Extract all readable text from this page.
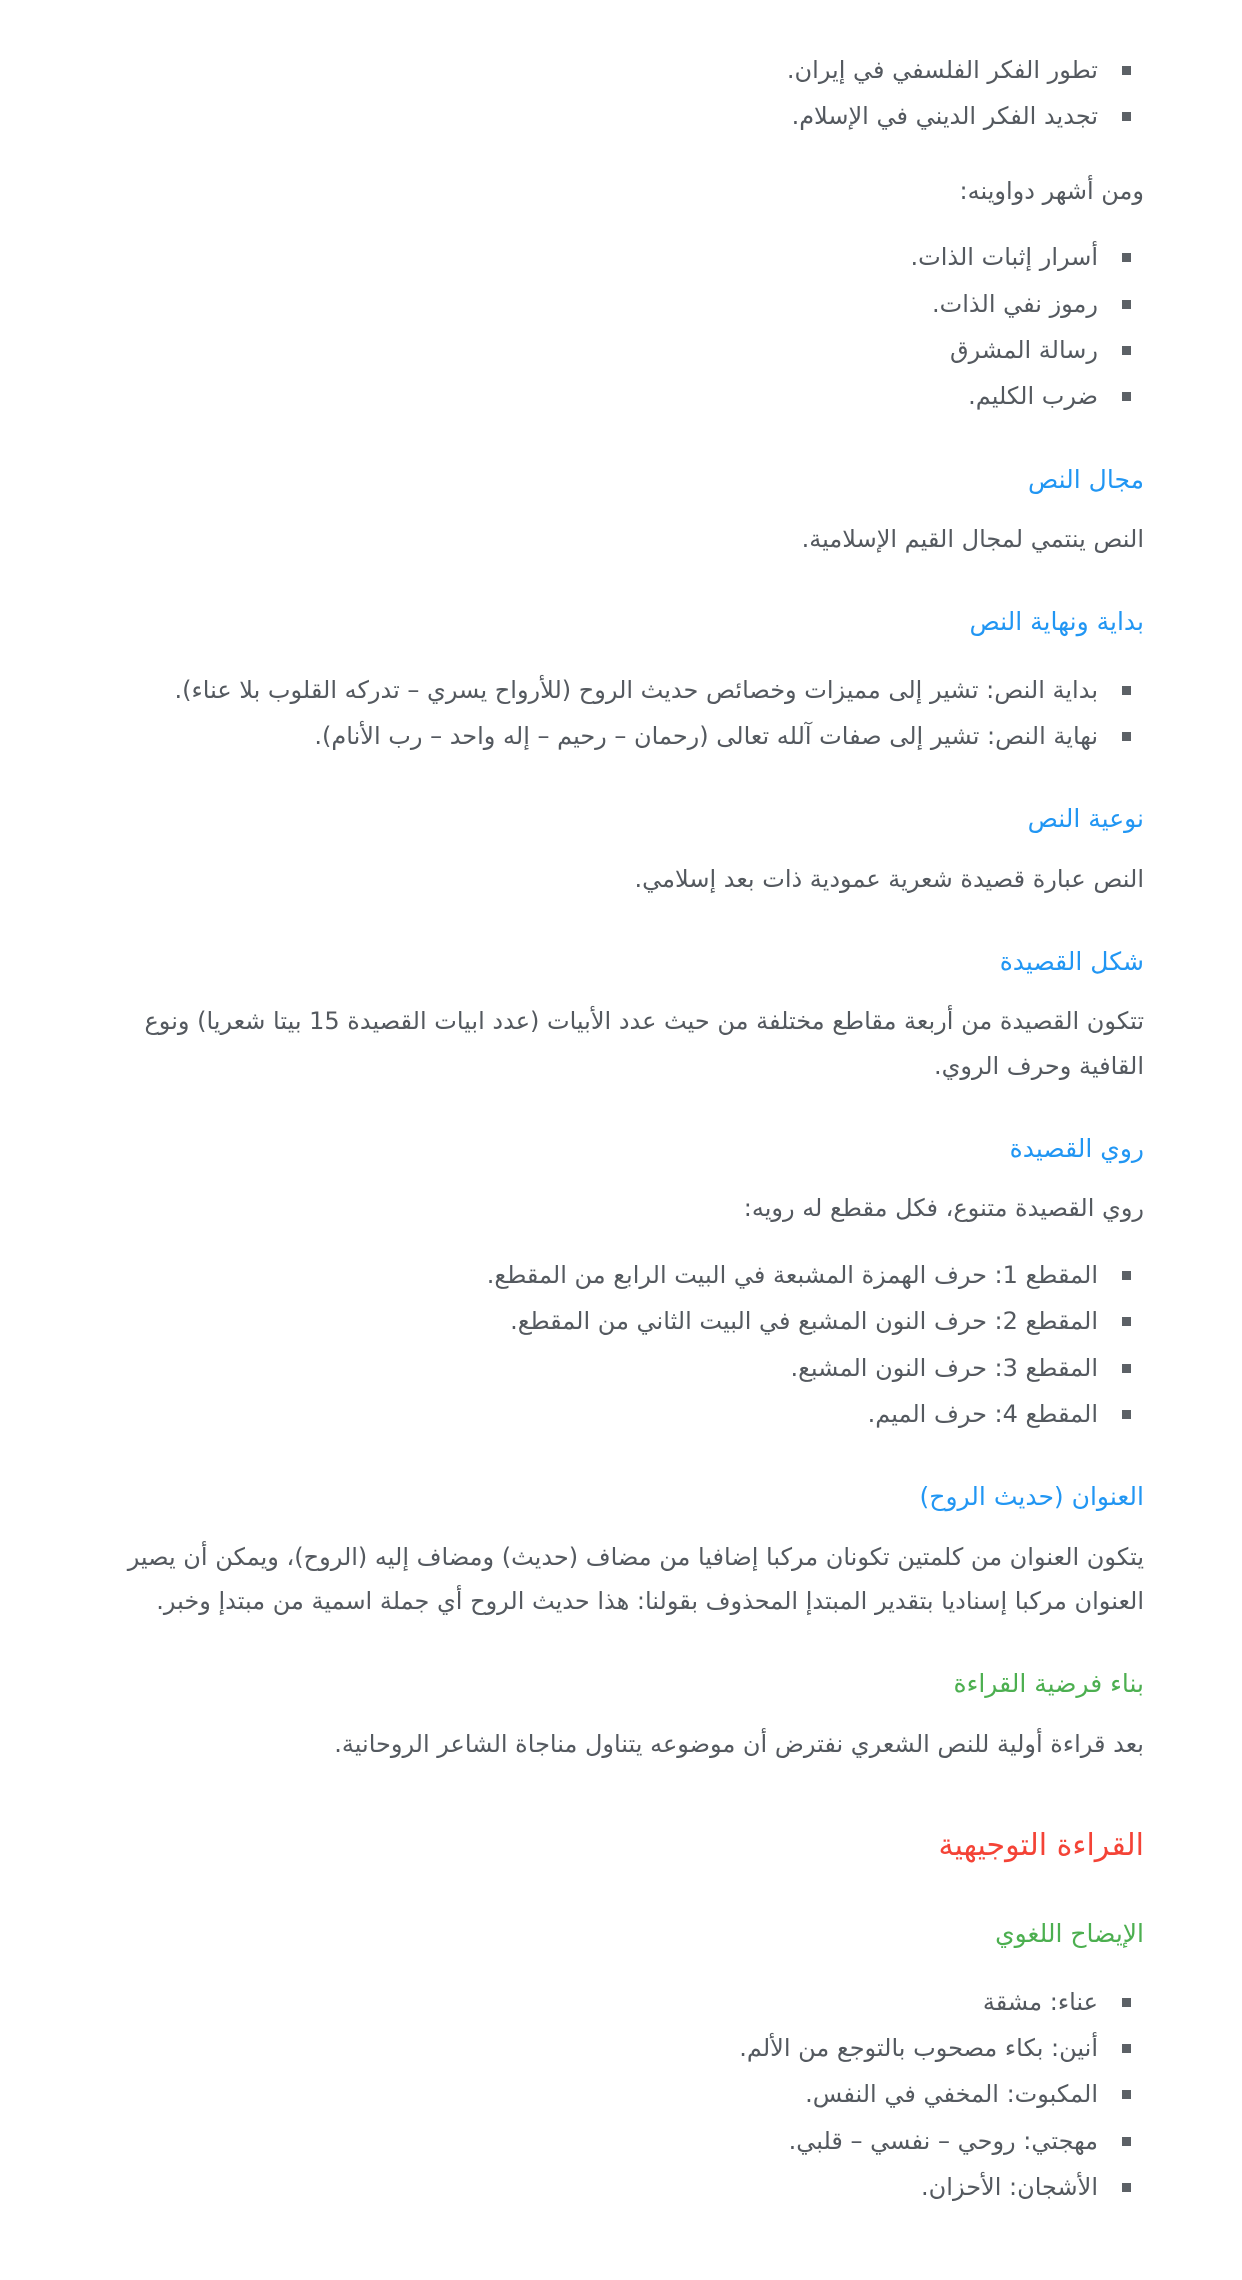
تطور الفكر الفلسفي في إيران.
تجديد الفكر الديني في الإسلام.

ومن أشهر دواوينه:

أسرار إثبات الذات.
رموز نفي الذات.
رسالة المشرق
ضرب الكليم.
مجال النص

النص ينتمي لمجال القيم الإسلامية.

بداية ونهاية النص
بداية النص: تشير إلى مميزات وخصائص حديث الروح (للأرواح يسري – تدركه القلوب بلا عناء).
نهاية النص: تشير إلى صفات آلله تعالى (رحمان – رحيم – إله واحد – رب الأنام).
نوعية النص

النص عبارة قصيدة شعرية عمودية ذات بعد إسلامي.

شكل القصيدة

تتكون القصيدة من أربعة مقاطع مختلفة من حيث عدد الأبيات (عدد ابيات القصيدة 15 بيتا شعريا) ونوع القافية وحرف الروي.

روي القصيدة

روي القصيدة متنوع، فكل مقطع له رويه:

المقطع 1: حرف الهمزة المشبعة في البيت الرابع من المقطع.
المقطع 2: حرف النون المشبع في البيت الثاني من المقطع.
المقطع 3: حرف النون المشبع.
المقطع 4: حرف الميم.
العنوان (حديث الروح)

يتكون العنوان من كلمتين تكونان مركبا إضافيا من مضاف (حديث) ومضاف إليه (الروح)، ويمكن أن يصير العنوان مركبا إسناديا بتقدير المبتدإ المحذوف بقولنا: هذا حديث الروح أي جملة اسمية من مبتدإ وخبر.

بناء فرضية القراءة

بعد قراءة أولية للنص الشعري نفترض أن موضوعه يتناول مناجاة الشاعر الروحانية.

القراءة التوجيهية
الإيضاح اللغوي
عناء: مشقة
أنين: بكاء مصحوب بالتوجع من الألم.
المكبوت: المخفي في النفس.
مهجتي: روحي – نفسي – قلبي.
الأشجان: الأحزان.
